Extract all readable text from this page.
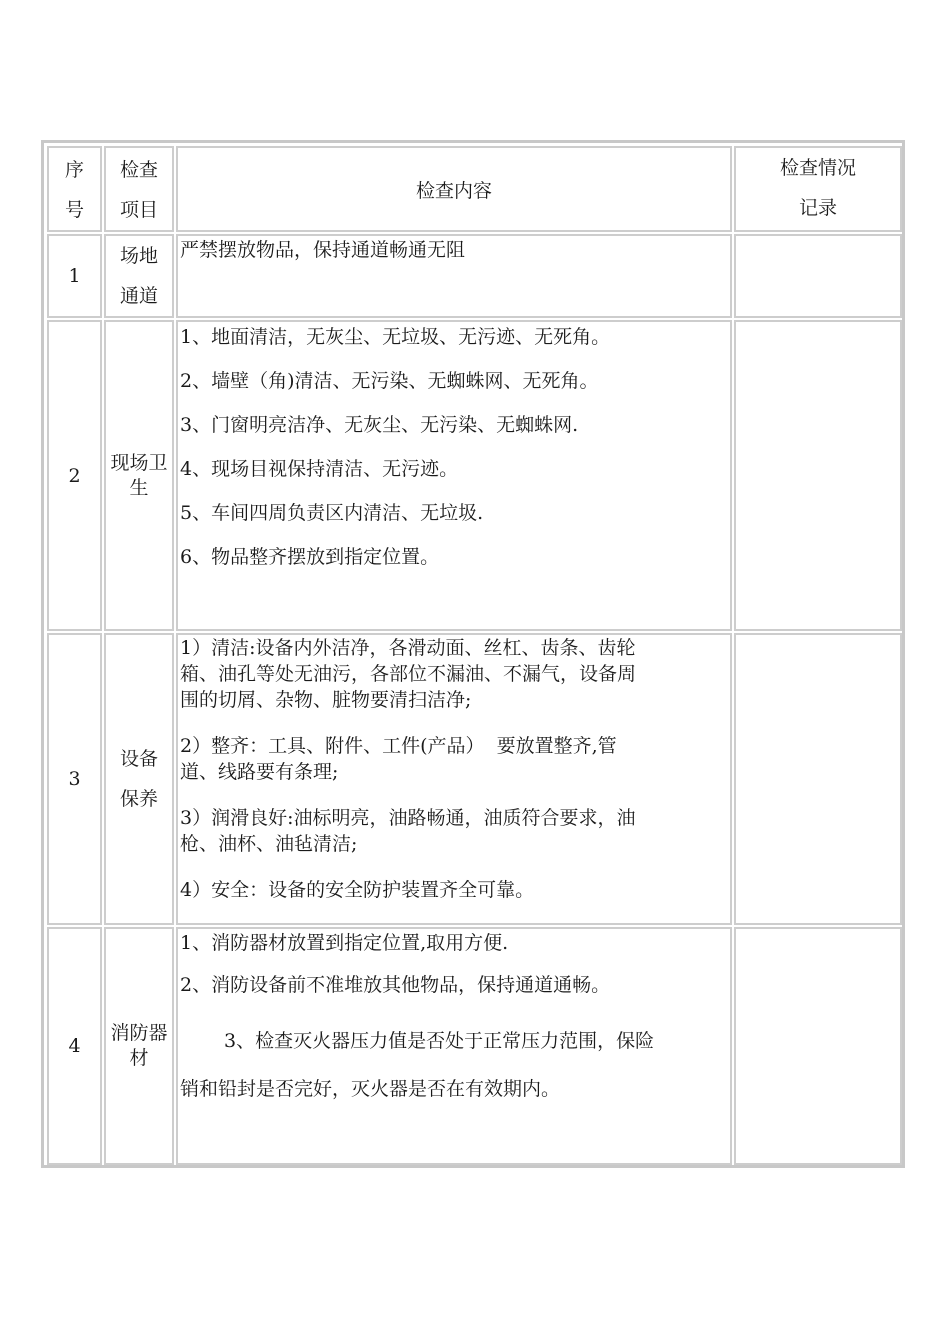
序
号
检查
项目
检查内容
检查情况
记录
1
场地
通道
严禁摆放物品，保持通道畅通无阻
2
现场卫
生
1、地面清洁，无灰尘、无垃圾、无污迹、无死角。
2、墙壁（角)清洁、无污染、无蜘蛛网、无死角。
3、门窗明亮洁净、无灰尘、无污染、无蜘蛛网.
4、现场目视保持清洁、无污迹。
5、车间四周负责区内清洁、无垃圾.
6、物品整齐摆放到指定位置。
3
设备
保养
1）清洁:设备内外洁净，各滑动面、丝杠、齿条、齿轮
箱、油孔等处无油污，各部位不漏油、不漏气，设备周
围的切屑、杂物、脏物要清扫洁净;
2）整齐：工具、附件、工件(产品）  要放置整齐,管
道、线路要有条理;
3）润滑良好:油标明亮，油路畅通，油质符合要求，油
枪、油杯、油毡清洁;
4）安全：设备的安全防护装置齐全可靠。
4
消防器
材
1、消防器材放置到指定位置,取用方便.
2、消防设备前不准堆放其他物品，保持通道通畅。
3、检查灭火器压力值是否处于正常压力范围，保险
销和铅封是否完好，灭火器是否在有效期内。
